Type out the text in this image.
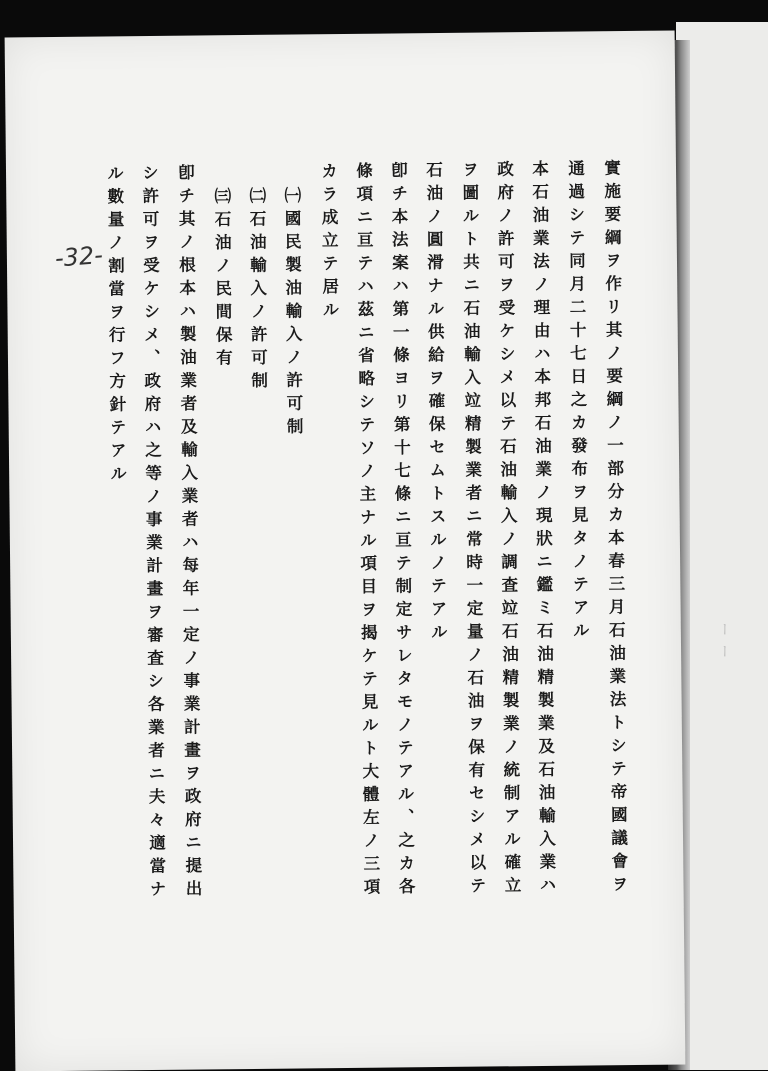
ーー
-32-	實施要綱ヲ作リ其ノ要綱ノ一部分カ本春三月石油業法トシテ帝國議會ヲ
通過シテ同月二十七日之カ發布ヲ見タノテアル
本石油業法ノ理由ハ本邦石油業ノ現狀ニ鑑ミ石油精製業及石油輸入業ハ
政府ノ許可ヲ受ケシメ以テ石油輸入ノ調査竝石油精製業ノ統制アル確立
ヲ圖ルト共ニ石油輸入竝精製業者ニ常時一定量ノ石油ヲ保有セシメ以テ
石油ノ圓滑ナル供給ヲ確保セムトスルノテアル
卽チ本法案ハ第一條ヨリ第十七條ニ亘テ制定サレタモノテアル、之カ各
條項ニ亘テハ茲ニ省略シテソノ主ナル項目ヲ揭ケテ見ルト大體左ノ三項
カラ成立テ居ル
㈠國民製油輸入ノ許可制
㈡石油輸入ノ許可制
㈢石油ノ民間保有
卽チ其ノ根本ハ製油業者及輸入業者ハ每年一定ノ事業計畫ヲ政府ニ提出
シ許可ヲ受ケシメ、政府ハ之等ノ事業計畫ヲ審査シ各業者ニ夫々適當ナ
ル數量ノ割當ヲ行フ方針テアル
